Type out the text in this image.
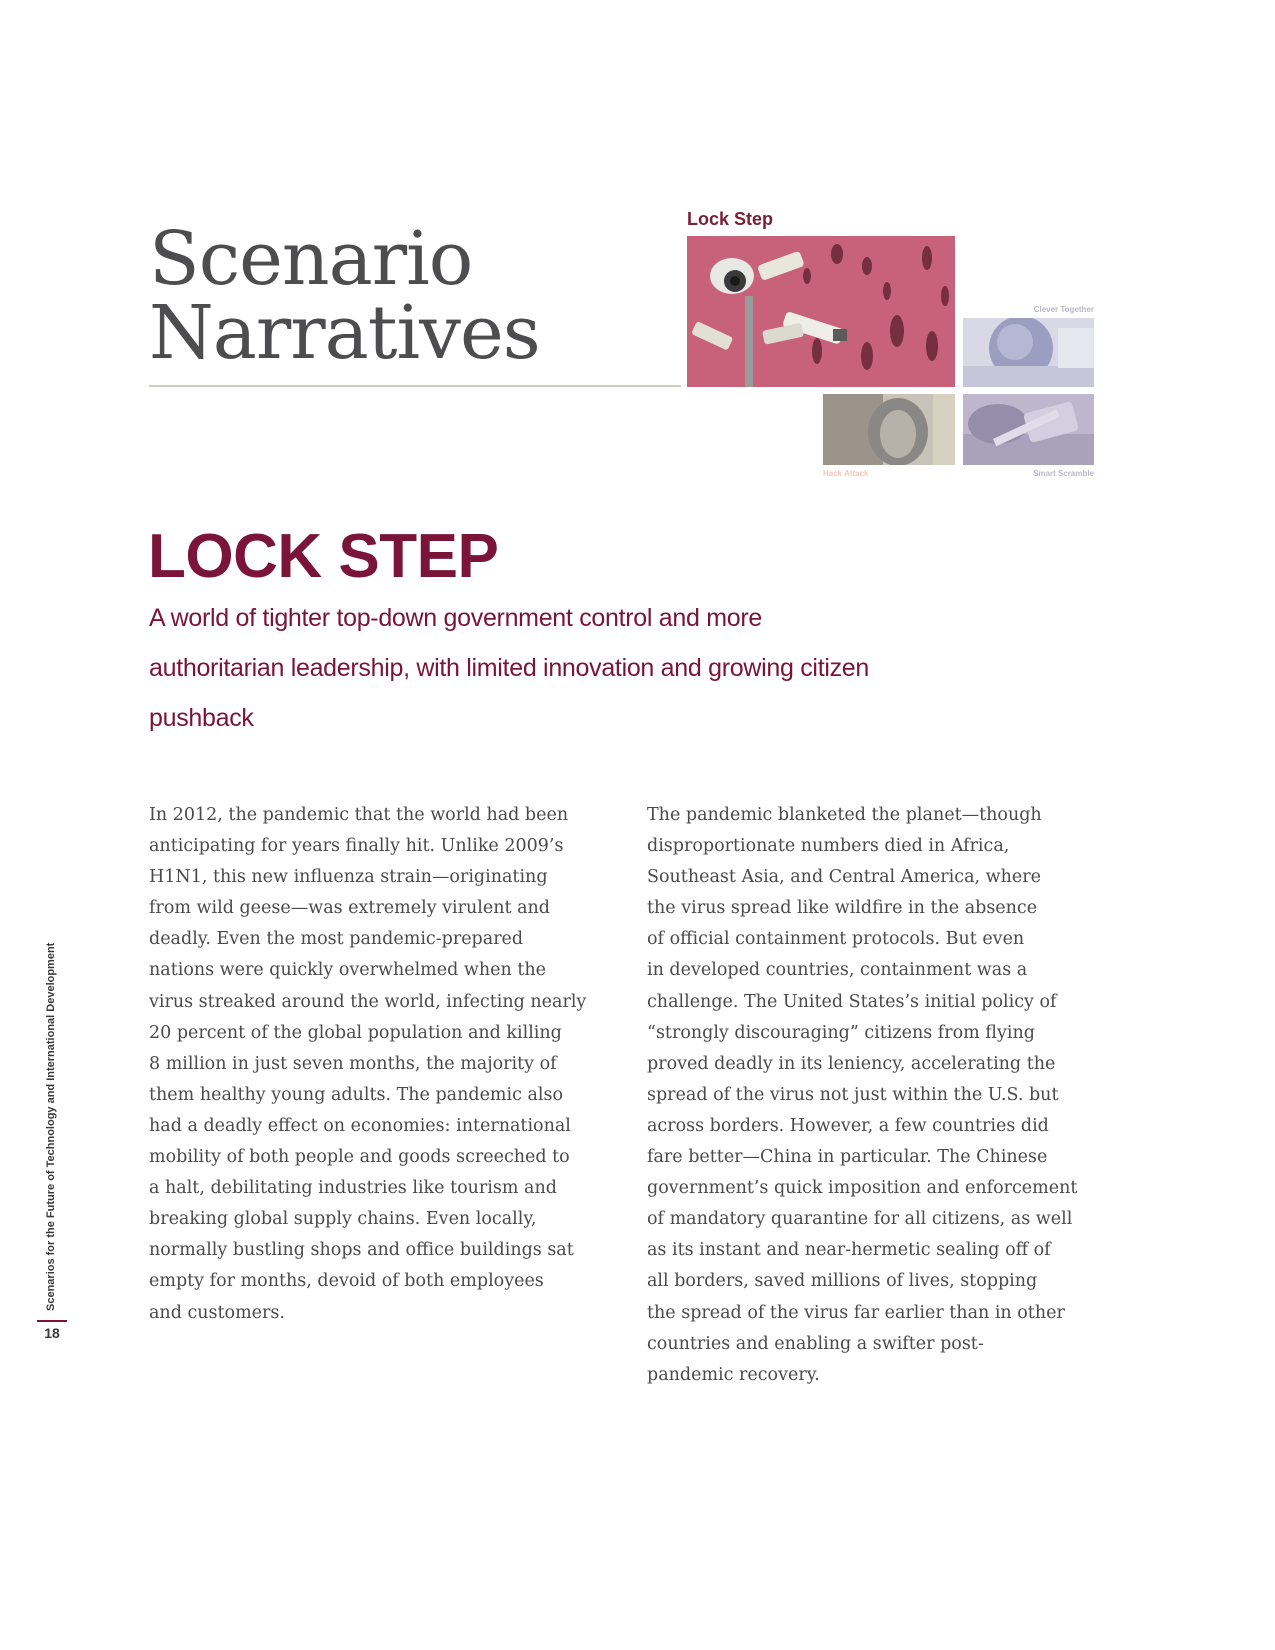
Scenario
Narratives
Lock Step
Clever Together
Hack Attack	Smart Scramble
LOCK STEP

A world of tighter top-down government control and more authoritarian leadership, with limited innovation and growing citizen pushback

In 2012, the pandemic that the world had been
anticipating for years finally hit. Unlike 2009’s
H1N1, this new influenza strain—originating
from wild geese—was extremely virulent and
deadly. Even the most pandemic-prepared
nations were quickly overwhelmed when the
virus streaked around the world, infecting nearly
20 percent of the global population and killing
8 million in just seven months, the majority of
them healthy young adults. The pandemic also
had a deadly effect on economies: international
mobility of both people and goods screeched to
a halt, debilitating industries like tourism and
breaking global supply chains. Even locally,
normally bustling shops and office buildings sat
empty for months, devoid of both employees
and customers.
The pandemic blanketed the planet—though
disproportionate numbers died in Africa,
Southeast Asia, and Central America, where
the virus spread like wildfire in the absence
of official containment protocols. But even
in developed countries, containment was a
challenge. The United States’s initial policy of
“strongly discouraging” citizens from flying
proved deadly in its leniency, accelerating the
spread of the virus not just within the U.S. but
across borders. However, a few countries did
fare better—China in particular. The Chinese
government’s quick imposition and enforcement
of mandatory quarantine for all citizens, as well
as its instant and near-hermetic sealing off of
all borders, saved millions of lives, stopping
the spread of the virus far earlier than in other
countries and enabling a swifter post-
pandemic recovery.
Scenarios for the Future of Technology and International Development
18
